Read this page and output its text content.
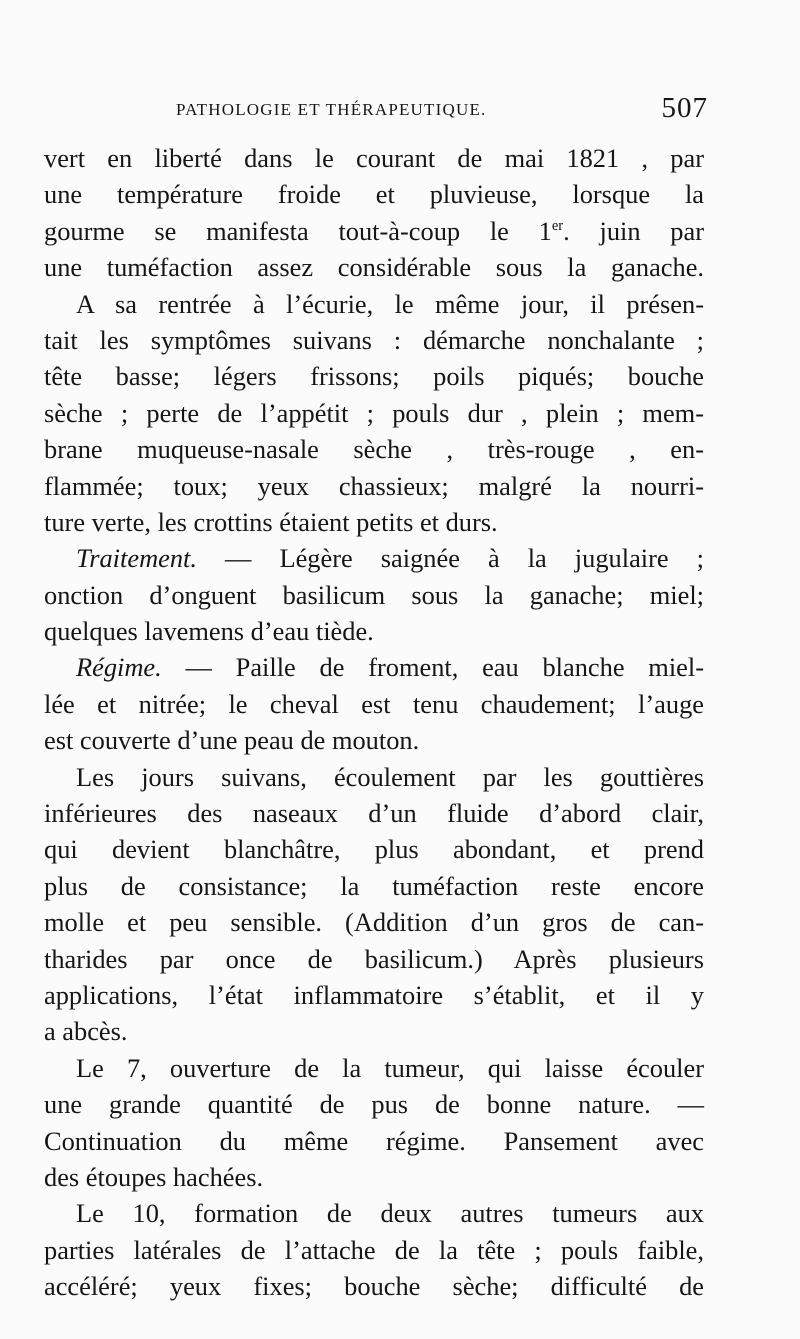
PATHOLOGIE ET THÉRAPEUTIQUE.	507
vert en liberté dans le courant de mai 1821 , par
une température froide et pluvieuse, lorsque la
gourme se manifesta tout-à-coup le 1er. juin par
une tuméfaction assez considérable sous la ganache.
A sa rentrée à l’écurie, le même jour, il présen-
tait les symptômes suivans : démarche nonchalante ;
tête basse; légers frissons; poils piqués; bouche
sèche ; perte de l’appétit ; pouls dur , plein ; mem-
brane muqueuse-nasale sèche , très-rouge , en-
flammée; toux; yeux chassieux; malgré la nourri-
ture verte, les crottins étaient petits et durs.
Traitement. — Légère saignée à la jugulaire ;
onction d’onguent basilicum sous la ganache; miel;
quelques lavemens d’eau tiède.
Régime. — Paille de froment, eau blanche miel-
lée et nitrée; le cheval est tenu chaudement; l’auge
est couverte d’une peau de mouton.
Les jours suivans, écoulement par les gouttières
inférieures des naseaux d’un fluide d’abord clair,
qui devient blanchâtre, plus abondant, et prend
plus de consistance; la tuméfaction reste encore
molle et peu sensible. (Addition d’un gros de can-
tharides par once de basilicum.) Après plusieurs
applications, l’état inflammatoire s’établit, et il y
a abcès.
Le 7, ouverture de la tumeur, qui laisse écouler
une grande quantité de pus de bonne nature. —
Continuation du même régime. Pansement avec
des étoupes hachées.
Le 10, formation de deux autres tumeurs aux
parties latérales de l’attache de la tête ; pouls faible,
accéléré; yeux fixes; bouche sèche; difficulté de
